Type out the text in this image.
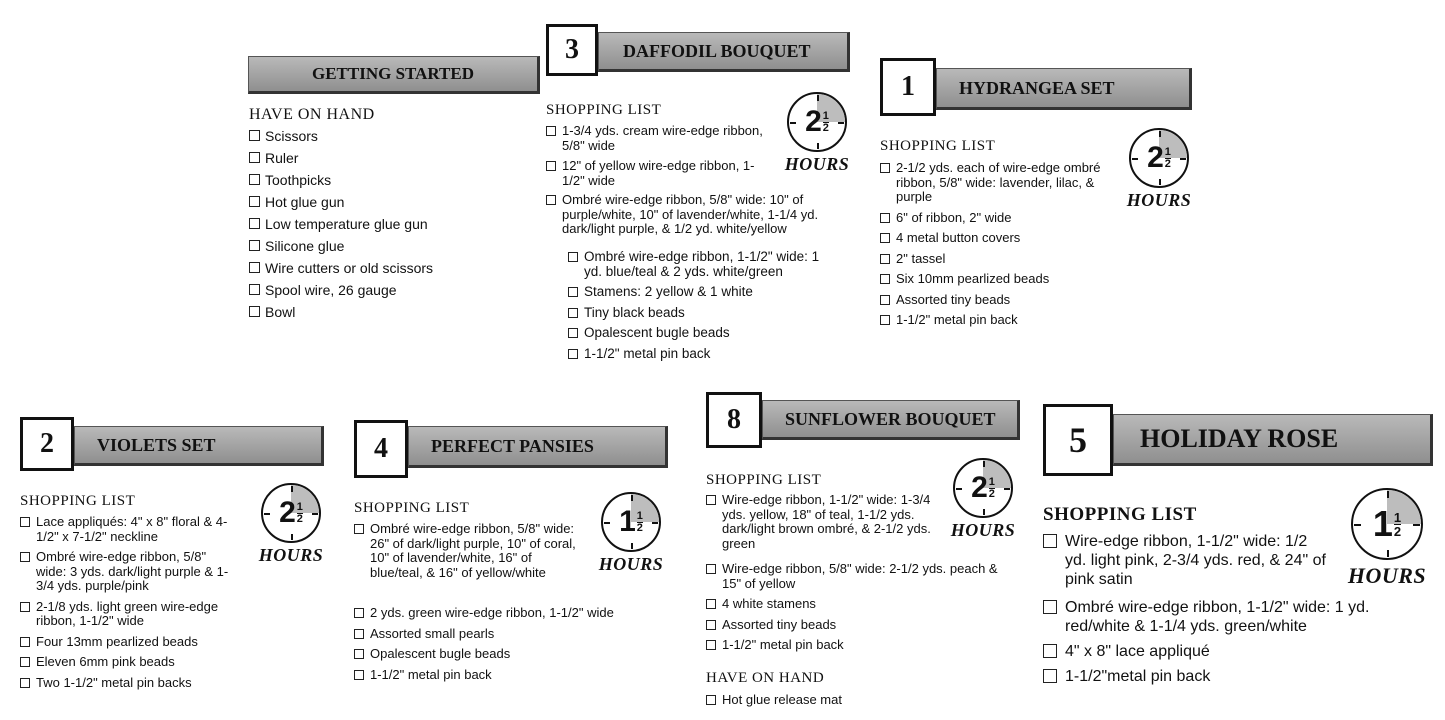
GETTING STARTED
HAVE ON HAND
Scissors
Ruler
Toothpicks
Hot glue gun
Low temperature glue gun
Silicone glue
Wire cutters or old scissors
Spool wire, 26 gauge
Bowl
3	DAFFODIL BOUQUET
SHOPPING LIST	$2 \frac{1}{2}$
HOURS
1-3/4 yds. cream wire-edge ribbon, 5/8" wide
12" of yellow wire-edge ribbon, 1-1/2" wide
Ombré wire-edge ribbon, 5/8" wide: 10" of purple/white, 10" of lavender/white, 1-1/4 yd. dark/light purple, & 1/2 yd. white/yellow
Ombré wire-edge ribbon, 1-1/2" wide: 1 yd. blue/teal & 2 yds. white/green
Stamens: 2 yellow & 1 white
Tiny black beads
Opalescent bugle beads
1-1/2" metal pin back
1	HYDRANGEA SET
SHOPPING LIST	$2 \frac{1}{2}$
HOURS
2-1/2 yds. each of wire-edge ombré ribbon, 5/8" wide: lavender, lilac, & purple
6" of ribbon, 2" wide
4 metal button covers
2" tassel
Six 10mm pearlized beads
Assorted tiny beads
1-1/2" metal pin back
2	VIOLETS SET
SHOPPING LIST	$2 \frac{1}{2}$
HOURS
Lace appliqués: 4" x 8" floral & 4-1/2" x 7-1/2" neckline
Ombré wire-edge ribbon, 5/8" wide: 3 yds. dark/light purple & 1-3/4 yds. purple/pink
2-1/8 yds. light green wire-edge ribbon, 1-1/2" wide
Four 13mm pearlized beads
Eleven 6mm pink beads
Two 1-1/2" metal pin backs
4	PERFECT PANSIES
SHOPPING LIST	$1 \frac{1}{2}$
HOURS
Ombré wire-edge ribbon, 5/8" wide: 26" of dark/light purple, 10" of coral, 10" of lavender/white, 16" of blue/teal, & 16" of yellow/white
2 yds. green wire-edge ribbon, 1-1/2" wide
Assorted small pearls
Opalescent bugle beads
1-1/2" metal pin back
8	SUNFLOWER BOUQUET
SHOPPING LIST	$2 \frac{1}{2}$
HOURS
Wire-edge ribbon, 1-1/2" wide: 1-3/4 yds. yellow, 18" of teal, 1-1/2 yds. dark/light brown ombré, & 2-1/2 yds. green
Wire-edge ribbon, 5/8" wide: 2-1/2 yds. peach & 15" of yellow
4 white stamens
Assorted tiny beads
1-1/2" metal pin back
HAVE ON HAND
Hot glue release mat
5	HOLIDAY ROSE
SHOPPING LIST	$1 \frac{1}{2}$
HOURS
Wire-edge ribbon, 1-1/2" wide: 1/2 yd. light pink, 2-3/4 yds. red, & 24" of pink satin
Ombré wire-edge ribbon, 1-1/2" wide: 1 yd. red/white & 1-1/4 yds. green/white
4" x 8" lace appliqué
1-1/2"metal pin back
